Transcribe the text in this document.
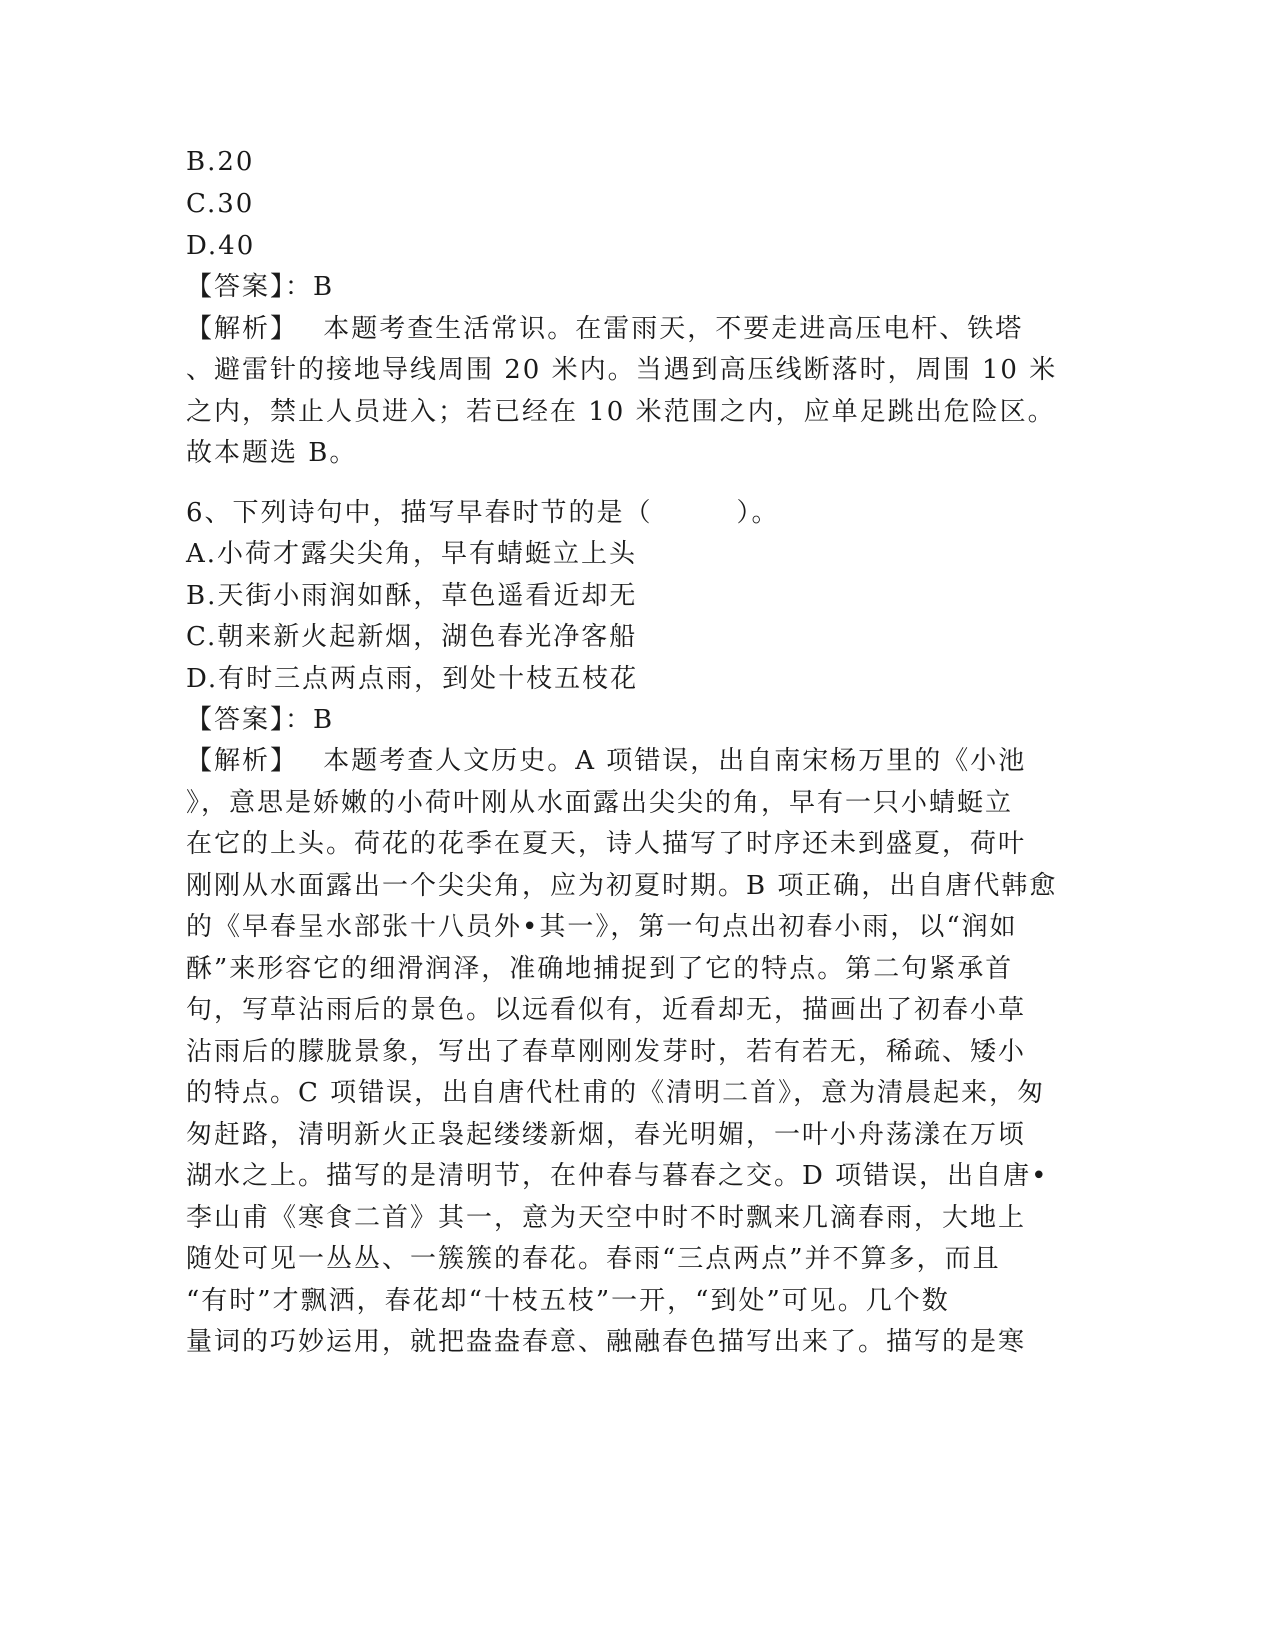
B.20
C.30
D.40
【答案】：B
【解析】　 本题考查生活常识。在雷雨天，不要走进高压电杆、铁塔
、避雷针的接地导线周围 20 米内。当遇到高压线断落时，周围 10 米
之内，禁止人员进入；若已经在 10 米范围之内，应单足跳出危险区。
故本题选 B。
6、下列诗句中，描写早春时节的是（　　　）。
A.小荷才露尖尖角，早有蜻蜓立上头
B.天街小雨润如酥，草色遥看近却无
C.朝来新火起新烟，湖色春光净客船
D.有时三点两点雨，到处十枝五枝花
【答案】：B
【解析】　 本题考查人文历史。A 项错误，出自南宋杨万里的《小池
》，意思是娇嫩的小荷叶刚从水面露出尖尖的角，早有一只小蜻蜓立
在它的上头。荷花的花季在夏天，诗人描写了时序还未到盛夏，荷叶
刚刚从水面露出一个尖尖角，应为初夏时期。B 项正确，出自唐代韩愈
的《早春呈水部张十八员外•其一》，第一句点出初春小雨，以“润如
酥”来形容它的细滑润泽，准确地捕捉到了它的特点。第二句紧承首
句，写草沾雨后的景色。以远看似有，近看却无，描画出了初春小草
沾雨后的朦胧景象，写出了春草刚刚发芽时，若有若无，稀疏、矮小
的特点。C 项错误，出自唐代杜甫的《清明二首》，意为清晨起来，匆
匆赶路，清明新火正袅起缕缕新烟，春光明媚，一叶小舟荡漾在万顷
湖水之上。描写的是清明节，在仲春与暮春之交。D 项错误，出自唐•
李山甫《寒食二首》其一，意为天空中时不时飘来几滴春雨，大地上
随处可见一丛丛、一簇簇的春花。春雨“三点两点”并不算多，而且
“有时”才飘洒，春花却“十枝五枝”一开，“到处”可见。几个数
量词的巧妙运用，就把盎盎春意、融融春色描写出来了。描写的是寒
